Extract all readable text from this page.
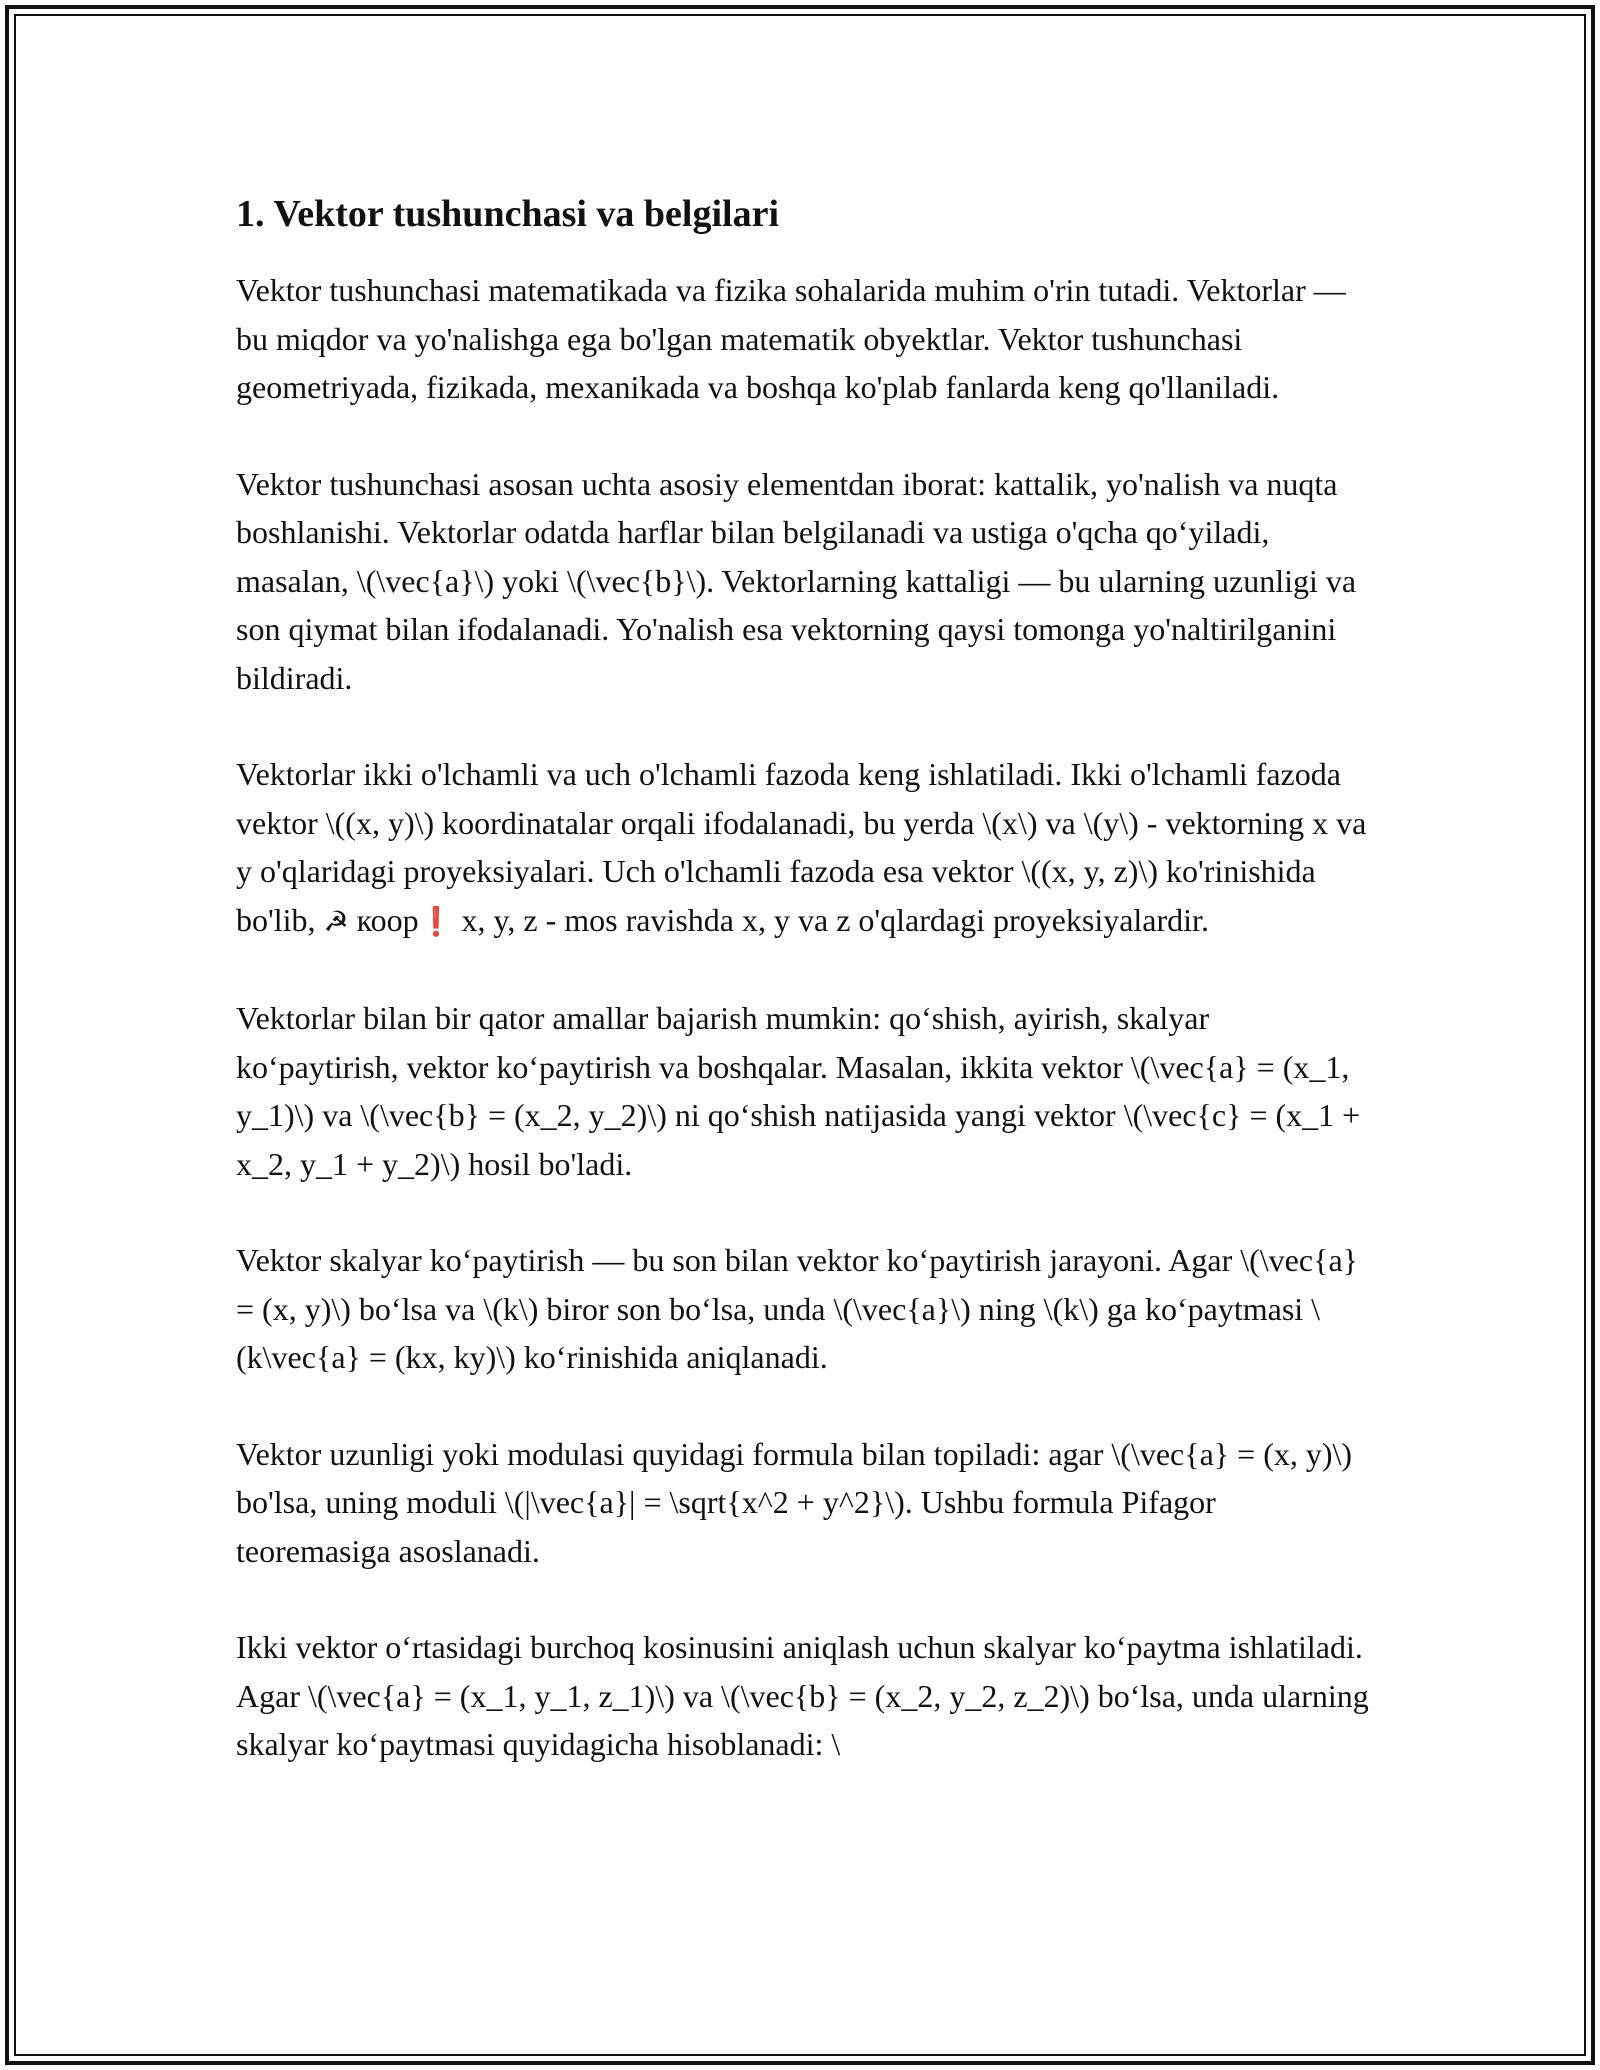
1. Vektor tushunchasi va belgilari

Vektor tushunchasi matematikada va fizika sohalarida muhim o'rin tutadi. Vektorlar — bu miqdor va yo'nalishga ega bo'lgan matematik obyektlar. Vektor tushunchasi geometriyada, fizikada, mexanikada va boshqa ko'plab fanlarda keng qo'llaniladi.

Vektor tushunchasi asosan uchta asosiy elementdan iborat: kattalik, yo'nalish va nuqta boshlanishi. Vektorlar odatda harflar bilan belgilanadi va ustiga o'qcha qo‘yiladi, masalan, \(\vec{a}\) yoki \(\vec{b}\). Vektorlarning kattaligi — bu ularning uzunligi va son qiymat bilan ifodalanadi. Yo'nalish esa vektorning qaysi tomonga yo'naltirilganini bildiradi.

Vektorlar ikki o'lchamli va uch o'lchamli fazoda keng ishlatiladi. Ikki o'lchamli fazoda vektor \((x, y)\) koordinatalar orqali ifodalanadi, bu yerda \(x\) va \(y\) - vektorning x va y o'qlaridagi proyeksiyalari. Uch o'lchamli fazoda esa vektor \((x, y, z)\) ko'rinishida bo'lib, ☭ коор❗ x, y, z - mos ravishda x, y va z o'qlardagi proyeksiyalardir.

Vektorlar bilan bir qator amallar bajarish mumkin: qo‘shish, ayirish, skalyar ko‘paytirish, vektor ko‘paytirish va boshqalar. Masalan, ikkita vektor \(\vec{a} = (x_1, y_1)\) va \(\vec{b} = (x_2, y_2)\) ni qo‘shish natijasida yangi vektor \(\vec{c} = (x_1 + x_2, y_1 + y_2)\) hosil bo'ladi.

Vektor skalyar ko‘paytirish — bu son bilan vektor ko‘paytirish jarayoni. Agar \(\vec{a} = (x, y)\) bo‘lsa va \(k\) biror son bo‘lsa, unda \(\vec{a}\) ning \(k\) ga ko‘paytmasi \(k\vec{a} = (kx, ky)\) ko‘rinishida aniqlanadi.

Vektor uzunligi yoki modulasi quyidagi formula bilan topiladi: agar \(\vec{a} = (x, y)\) bo'lsa, uning moduli \(|\vec{a}| = \sqrt{x^2 + y^2}\). Ushbu formula Pifagor teoremasiga asoslanadi.

Ikki vektor o‘rtasidagi burchoq kosinusini aniqlash uchun skalyar ko‘paytma ishlatiladi. Agar \(\vec{a} = (x_1, y_1, z_1)\) va \(\vec{b} = (x_2, y_2, z_2)\) bo‘lsa, unda ularning skalyar ko‘paytmasi quyidagicha hisoblanadi: \
